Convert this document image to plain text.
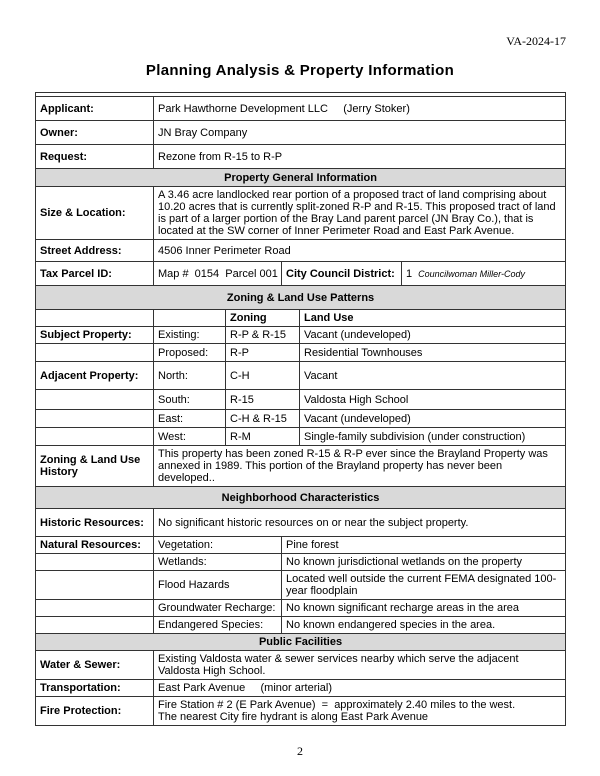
VA-2024-17
Planning Analysis & Property Information

Applicant:	Park Hawthorne Development LLC     (Jerry Stoker)				
Owner:	JN Bray Company				
Request:	Rezone from R-15 to R-P				
Property General Information					
Size & Location:	A 3.46 acre landlocked rear portion of a proposed tract of land comprising about 10.20 acres that is currently split-zoned R-P and R-15. This proposed tract of land is part of a larger portion of the Bray Land parent parcel (JN Bray Co.), that is located at the SW corner of Inner Perimeter Road and East Park Avenue.				
Street Address:	4506 Inner Perimeter Road				
Tax Parcel ID:	Map #  0154  Parcel 001		City Council District:		1 Councilwoman Miller-Cody
Zoning & Land Use Patterns					
		Zoning		Land Use	
Subject Property:	Existing:	R-P & R-15		Vacant (undeveloped)	
	Proposed:	R-P		Residential Townhouses	
Adjacent Property:	North:	C-H		Vacant	
	South:	R-15		Valdosta High School	
	East:	C-H & R-15		Vacant (undeveloped)	
	West:	R-M		Single-family subdivision (under construction)	
Zoning & Land Use History	This property has been zoned R-15 & R-P ever since the Brayland Property was annexed in 1989. This portion of the Brayland property has never been developed..				
Neighborhood Characteristics					
Historic Resources:	No significant historic resources on or near the subject property.				
Natural Resources:	Vegetation:		Pine forest		
	Wetlands:		No known jurisdictional wetlands on the property		
	Flood Hazards		Located well outside the current FEMA designated 100-year floodplain		
	Groundwater Recharge:		No known significant recharge areas in the area		
	Endangered Species:		No known endangered species in the area.		
Public Facilities					
Water & Sewer:	Existing Valdosta water & sewer services nearby which serve the adjacent Valdosta High School.				
Transportation:	East Park Avenue     (minor arterial)				
Fire Protection:	Fire Station # 2 (E Park Avenue)  =  approximately 2.40 miles to the west.
The nearest City fire hydrant is along East Park Avenue				
2
